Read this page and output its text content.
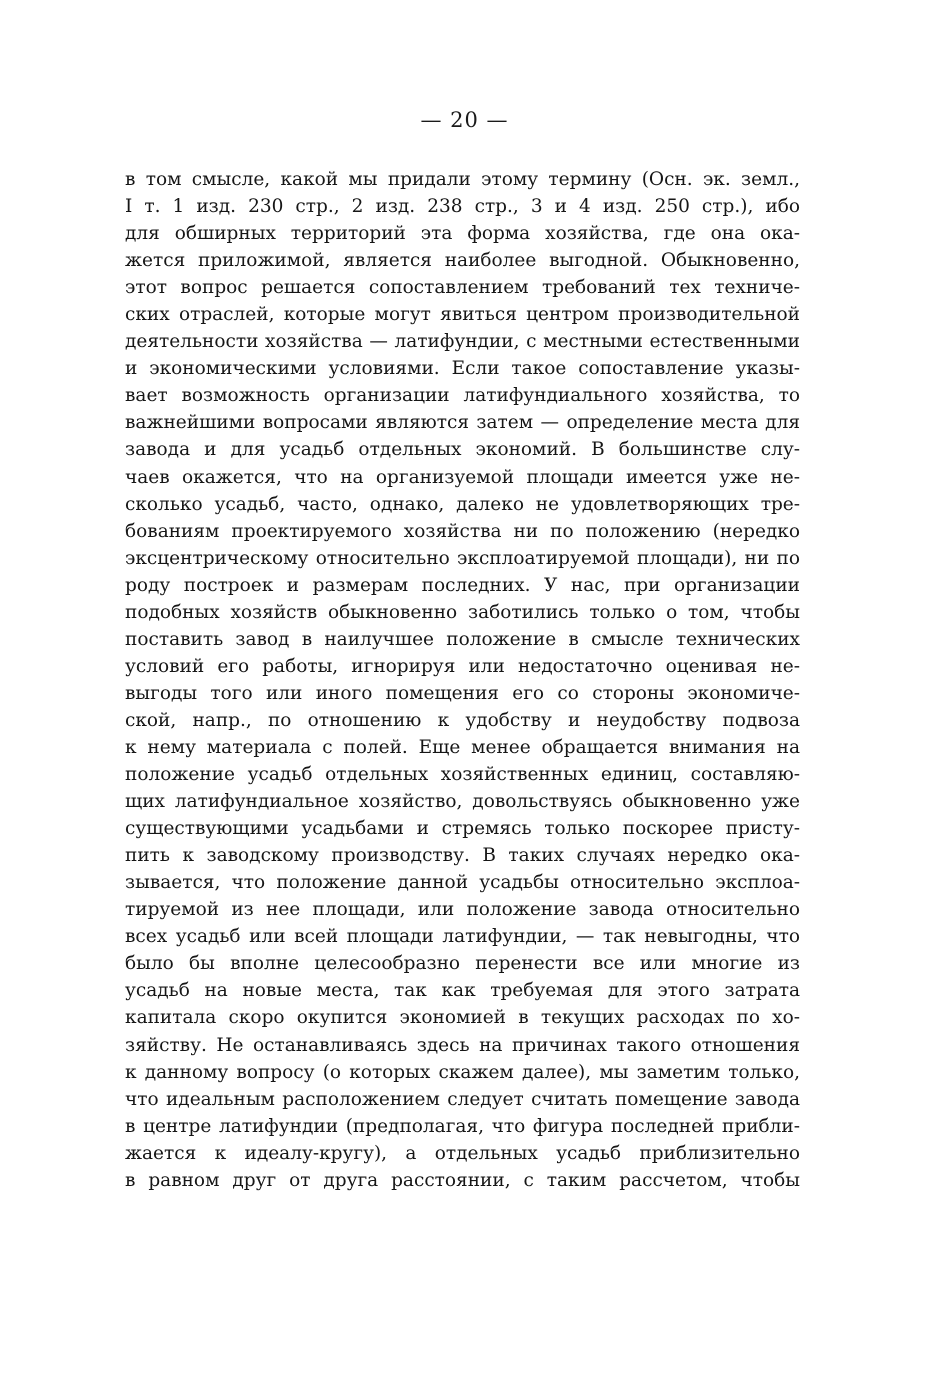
— 20 —
в том смысле, какой мы придали этому термину (Осн. эк. земл.,
I т. 1 изд. 230 стр., 2 изд. 238 стр., 3 и 4 изд. 250 стр.), ибо
для обширных территорий эта форма хозяйства, где она ока-
жется приложимой, является наиболее выгодной. Обыкновенно,
этот вопрос решается сопоставлением требований тех техниче-
ских отраслей, которые могут явиться центром производительной
деятельности хозяйства — латифундии, с местными естественными
и экономическими условиями. Если такое сопоставление указы-
вает возможность организации латифундиального хозяйства, то
важнейшими вопросами являются затем — определение места для
завода и для усадьб отдельных экономий. В большинстве слу-
чаев окажется, что на организуемой площади имеется уже не-
сколько усадьб, часто, однако, далеко не удовлетворяющих тре-
бованиям проектируемого хозяйства ни по положению (нередко
эксцентрическому относительно эксплоатируемой площади), ни по
роду построек и размерам последних. У нас, при организации
подобных хозяйств обыкновенно заботились только о том, чтобы
поставить завод в наилучшее положение в смысле технических
условий его работы, игнорируя или недостаточно оценивая не-
выгоды того или иного помещения его со стороны экономиче-
ской, напр., по отношению к удобству и неудобству подвоза
к нему материала с полей. Еще менее обращается внимания на
положение усадьб отдельных хозяйственных единиц, составляю-
щих латифундиальное хозяйство, довольствуясь обыкновенно уже
существующими усадьбами и стремясь только поскорее присту-
пить к заводскому производству. В таких случаях нередко ока-
зывается, что положение данной усадьбы относительно эксплоа-
тируемой из нее площади, или положение завода относительно
всех усадьб или всей площади латифундии, — так невыгодны, что
было бы вполне целесообразно перенести все или многие из
усадьб на новые места, так как требуемая для этого затрата
капитала скоро окупится экономией в текущих расходах по хо-
зяйству. Не останавливаясь здесь на причинах такого отношения
к данному вопросу (о которых скажем далее), мы заметим только,
что идеальным расположением следует считать помещение завода
в центре латифундии (предполагая, что фигура последней прибли-
жается к идеалу-кругу), а отдельных усадьб приблизительно
в равном друг от друга расстоянии, с таким рассчетом, чтобы
